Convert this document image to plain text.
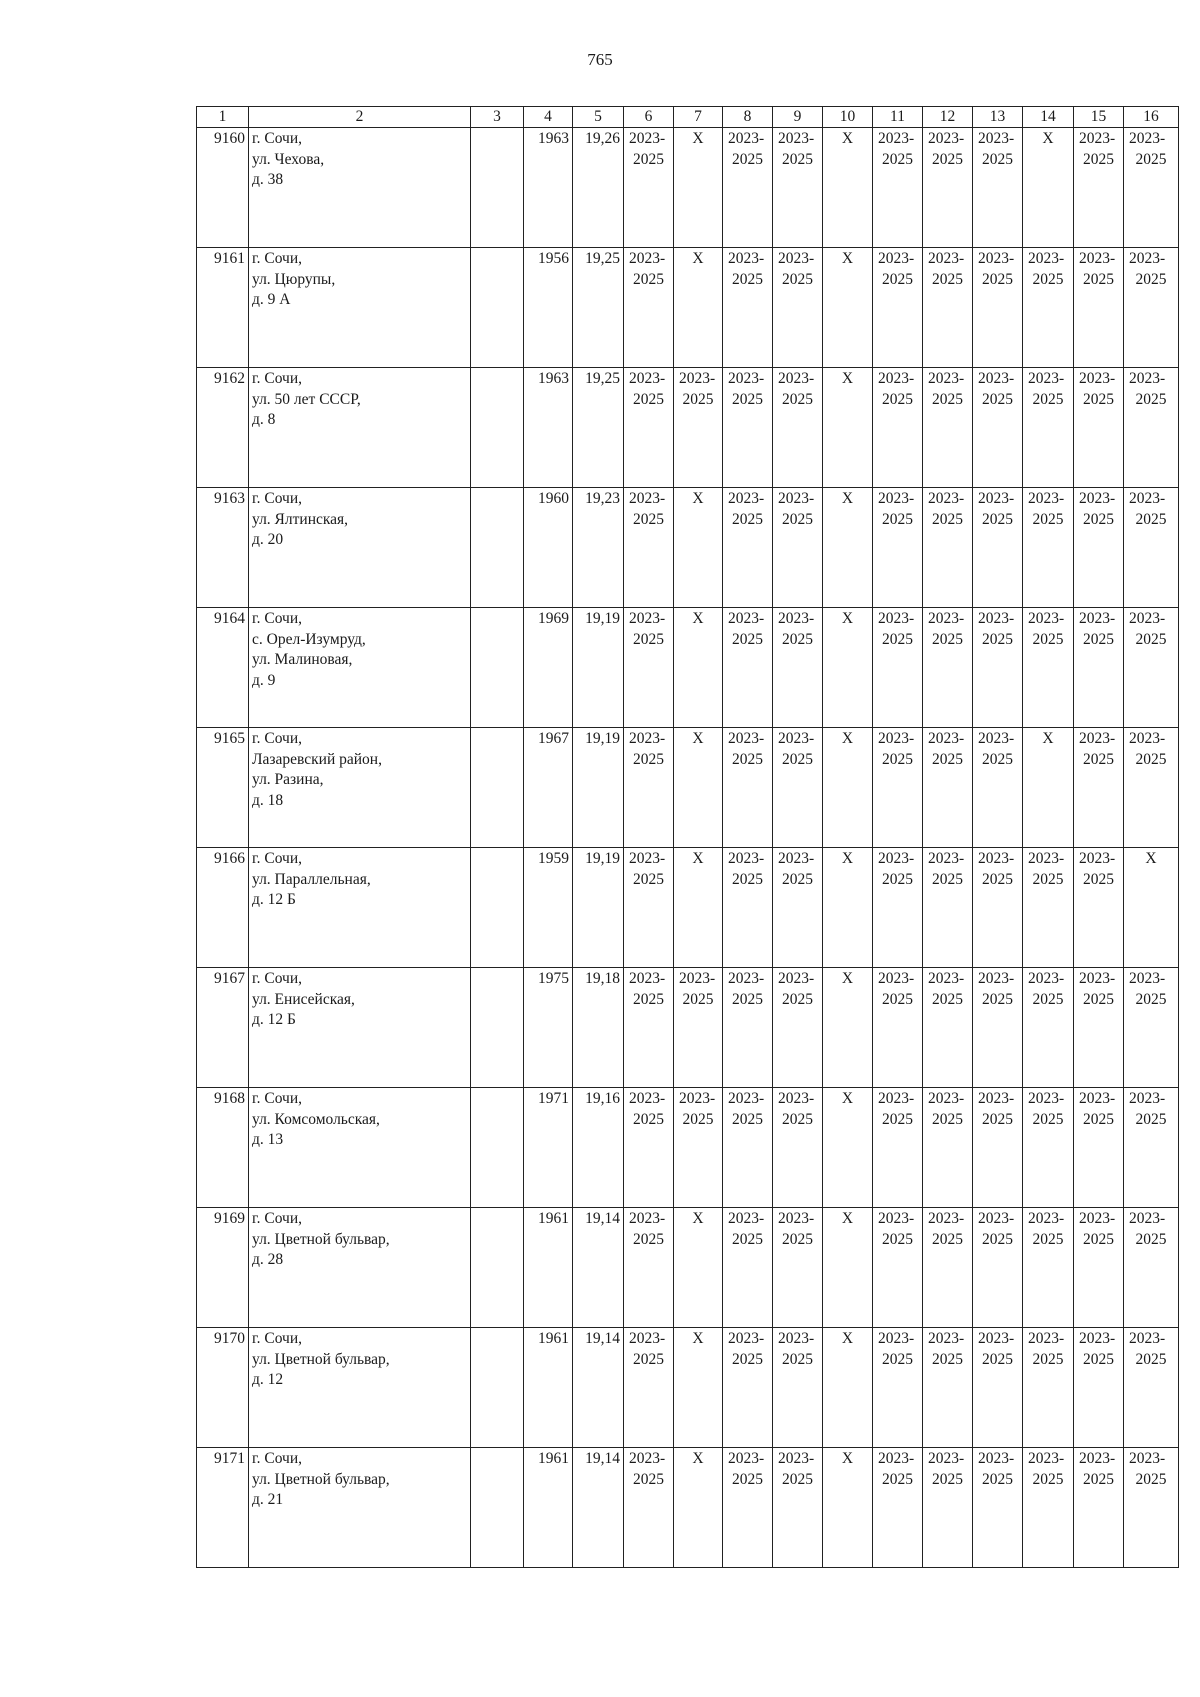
765
1	2	3	4	5	6	7	8	9	10	11	12	13	14	15	16
9160	г. Сочи,
ул. Чехова,
д. 38		1963	19,26	2023-
2025	Х	2023-
2025	2023-
2025	Х	2023-
2025	2023-
2025	2023-
2025	Х	2023-
2025	2023-
2025

9161	г. Сочи,
ул. Цюрупы,
д. 9 А		1956	19,25	2023-
2025	Х	2023-
2025	2023-
2025	Х	2023-
2025	2023-
2025	2023-
2025	2023-
2025	2023-
2025	2023-
2025

9162	г. Сочи,
ул. 50 лет СССР,
д. 8		1963	19,25	2023-
2025	2023-
2025	2023-
2025	2023-
2025	Х	2023-
2025	2023-
2025	2023-
2025	2023-
2025	2023-
2025	2023-
2025

9163	г. Сочи,
ул. Ялтинская,
д. 20		1960	19,23	2023-
2025	Х	2023-
2025	2023-
2025	Х	2023-
2025	2023-
2025	2023-
2025	2023-
2025	2023-
2025	2023-
2025

9164	г. Сочи,
с. Орел-Изумруд,
ул. Малиновая,
д. 9		1969	19,19	2023-
2025	Х	2023-
2025	2023-
2025	Х	2023-
2025	2023-
2025	2023-
2025	2023-
2025	2023-
2025	2023-
2025

9165	г. Сочи,
Лазаревский район,
ул. Разина,
д. 18		1967	19,19	2023-
2025	Х	2023-
2025	2023-
2025	Х	2023-
2025	2023-
2025	2023-
2025	Х	2023-
2025	2023-
2025

9166	г. Сочи,
ул. Параллельная,
д. 12 Б		1959	19,19	2023-
2025	Х	2023-
2025	2023-
2025	Х	2023-
2025	2023-
2025	2023-
2025	2023-
2025	2023-
2025	Х
9167	г. Сочи,
ул. Енисейская,
д. 12 Б		1975	19,18	2023-
2025	2023-
2025	2023-
2025	2023-
2025	Х	2023-
2025	2023-
2025	2023-
2025	2023-
2025	2023-
2025	2023-
2025

9168	г. Сочи,
ул. Комсомольская,
д. 13		1971	19,16	2023-
2025	2023-
2025	2023-
2025	2023-
2025	Х	2023-
2025	2023-
2025	2023-
2025	2023-
2025	2023-
2025	2023-
2025

9169	г. Сочи,
ул. Цветной бульвар,
д. 28		1961	19,14	2023-
2025	Х	2023-
2025	2023-
2025	Х	2023-
2025	2023-
2025	2023-
2025	2023-
2025	2023-
2025	2023-
2025

9170	г. Сочи,
ул. Цветной бульвар,
д. 12		1961	19,14	2023-
2025	Х	2023-
2025	2023-
2025	Х	2023-
2025	2023-
2025	2023-
2025	2023-
2025	2023-
2025	2023-
2025

9171	г. Сочи,
ул. Цветной бульвар,
д. 21		1961	19,14	2023-
2025	Х	2023-
2025	2023-
2025	Х	2023-
2025	2023-
2025	2023-
2025	2023-
2025	2023-
2025	2023-
2025
